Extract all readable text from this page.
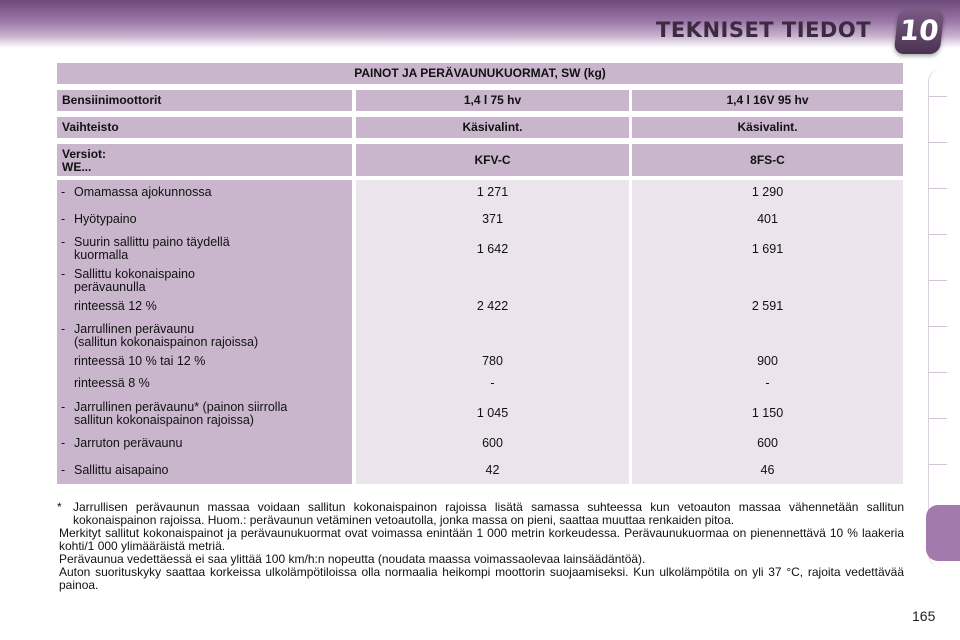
TEKNISET TIEDOT 10
PAINOT JA PERÄVAUNUKUORMAT, SW (kg)
Bensiinimoottorit	1,4 l 75 hv	1,4 l 16V 95 hv
Vaihteisto	Käsivalint.	Käsivalint.
Versiot:
WE...	KFV-C	8FS-C
- Omamassa ajokunnossa	1 271	1 290
- Hyötypaino	371	401
- Suurin sallittu paino täydellä
kuormalla	1 642	1 691
- Sallittu kokonaispaino
perävaunulla
rinteessä 12 %	2 422	2 591
- Jarrullinen perävaunu
(sallitun kokonaispainon rajoissa)
rinteessä 10 % tai 12 %	780	900
rinteessä 8 %	-	-
- Jarrullinen perävaunu* (painon siirrolla
sallitun kokonaispainon rajoissa)	1 045	1 150
- Jarruton perävaunu	600	600
- Sallittu aisapaino	42	46
* Jarrullisen perävaunun massaa voidaan sallitun kokonaispainon rajoissa lisätä samassa suhteessa kun vetoauton massaa vähennetään sallitun kokonaispainon rajoissa. Huom.: perävaunun vetäminen vetoautolla, jonka massa on pieni, saattaa muuttaa renkaiden pitoa.

Merkityt sallitut kokonaispainot ja perävaunukuormat ovat voimassa enintään 1 000 metrin korkeudessa. Perävaunukuormaa on pienennettävä 10 % laakeria kohti/1 000 ylimääräistä metriä.

Perävaunua vedettäessä ei saa ylittää 100 km/h:n nopeutta (noudata maassa voimassaolevaa lainsäädäntöä).

Auton suorituskyky saattaa korkeissa ulkolämpötiloissa olla normaalia heikompi moottorin suojaamiseksi. Kun ulkolämpötila on yli 37 °C, rajoita vedettävää painoa.

165
